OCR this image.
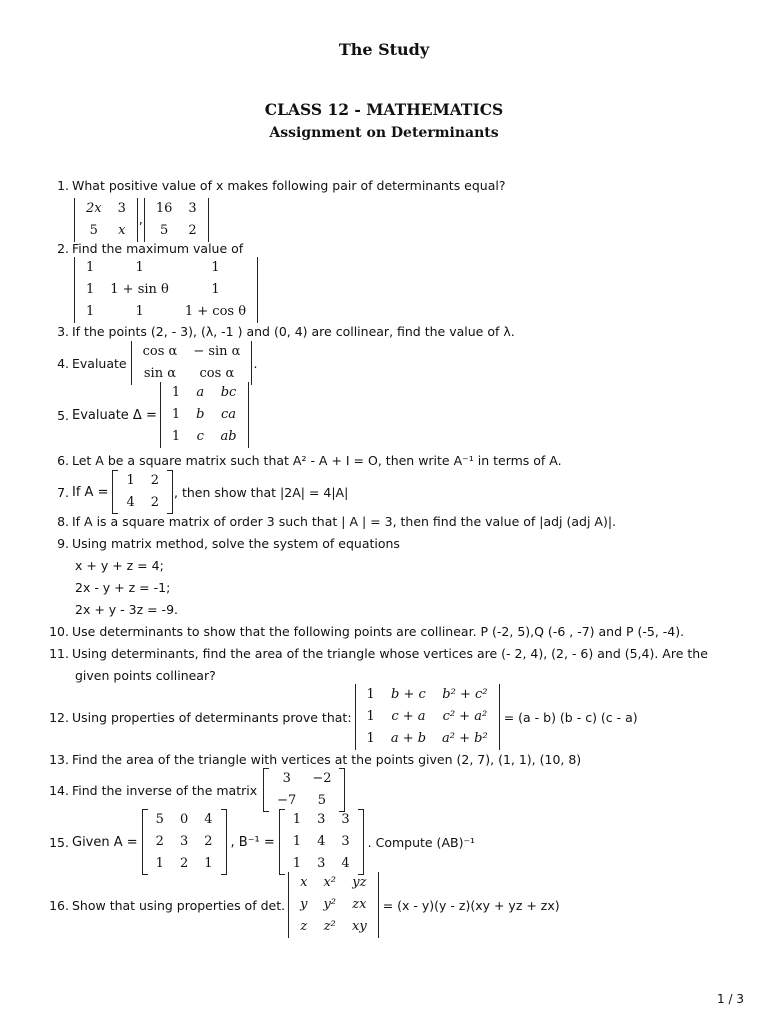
The Study
CLASS 12 - MATHEMATICS
Assignment on Determinants
1. What positive value of x makes following pair of determinants equal?
2x	3
5	x
,
16	3
5	2
2. Find the maximum value of
1	1	1
1	1 + sin θ	1
1	1	1 + cos θ
3. If the points (2, - 3), (λ, -1 ) and (0, 4) are collinear, find the value of λ.
4. Evaluate
cos α	− sin α
sin α	cos α
.
5. Evaluate Δ =
1	a	bc
1	b	ca
1	c	ab
6. Let A be a square matrix such that A² - A + I = O, then write A⁻¹ in terms of A.
7. If A =
1	2
4	2
, then show that |2A| = 4|A|
8. If A is a square matrix of order 3 such that | A | = 3, then find the value of |adj (adj A)|.
9. Using matrix method, solve the system of equations
x + y + z = 4;
2x - y + z = -1;
2x + y - 3z = -9.
10. Use determinants to show that the following points are collinear. P (-2, 5),Q (-6 , -7) and P (-5, -4).
11. Using determinants, find the area of the triangle whose vertices are (- 2, 4), (2, - 6) and (5,4). Are the
given points collinear?
12. Using properties of determinants prove that:
1	b + c	b² + c²
1	c + a	c² + a²
1	a + b	a² + b²
= (a - b) (b - c) (c - a)
13. Find the area of the triangle with vertices at the points given (2, 7), (1, 1), (10, 8)
14. Find the inverse of the matrix
3	−2
−7	5
15. Given A =
5	0	4
2	3	2
1	2	1
, B⁻¹ =
1	3	3
1	4	3
1	3	4
. Compute (AB)⁻¹
16. Show that using properties of det.
x	x²	yz
y	y²	zx
z	z²	xy
= (x - y)(y - z)(xy + yz + zx)
1 / 3
